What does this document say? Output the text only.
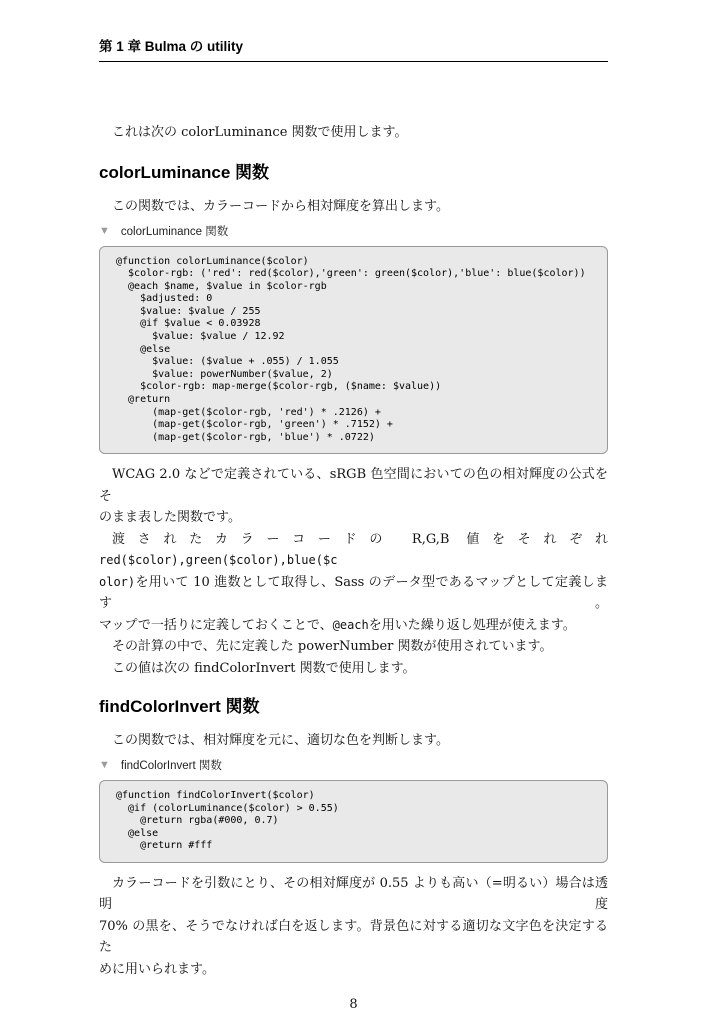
第 1 章 Bulma の utility
これは次の colorLuminance 関数で使用します。
colorLuminance 関数
この関数では、カラーコードから相対輝度を算出します。
▼ colorLuminance 関数
@function colorLuminance($color)
$color-rgb: ('red': red($color),'green': green($color),'blue': blue($color))
@each $name, $value in $color-rgb
$adjusted: 0
$value: $value / 255
@if $value < 0.03928
$value: $value / 12.92
@else
$value: ($value + .055) / 1.055
$value: powerNumber($value, 2)
$color-rgb: map-merge($color-rgb, ($name: $value))
@return
(map-get($color-rgb, 'red') * .2126) +
(map-get($color-rgb, 'green') * .7152) +
(map-get($color-rgb, 'blue') * .0722)
WCAG 2.0 などで定義されている、sRGB 色空間においての色の相対輝度の公式をそ
のまま表した関数です。
渡されたカラーコードの R,G,B 値をそれぞれ red($color),green($color),blue($c
olor)を用いて 10 進数として取得し、Sass のデータ型であるマップとして定義します。
マップで一括りに定義しておくことで、@eachを用いた繰り返し処理が使えます。
その計算の中で、先に定義した powerNumber 関数が使用されています。
この値は次の findColorInvert 関数で使用します。
findColorInvert 関数
この関数では、相対輝度を元に、適切な色を判断します。
▼ findColorInvert 関数
@function findColorInvert($color)
@if (colorLuminance($color) > 0.55)
@return rgba(#000, 0.7)
@else
@return #fff
カラーコードを引数にとり、その相対輝度が 0.55 よりも高い（=明るい）場合は透明度
70% の黒を、そうでなければ白を返します。背景色に対する適切な文字色を決定するた
めに用いられます。
8
